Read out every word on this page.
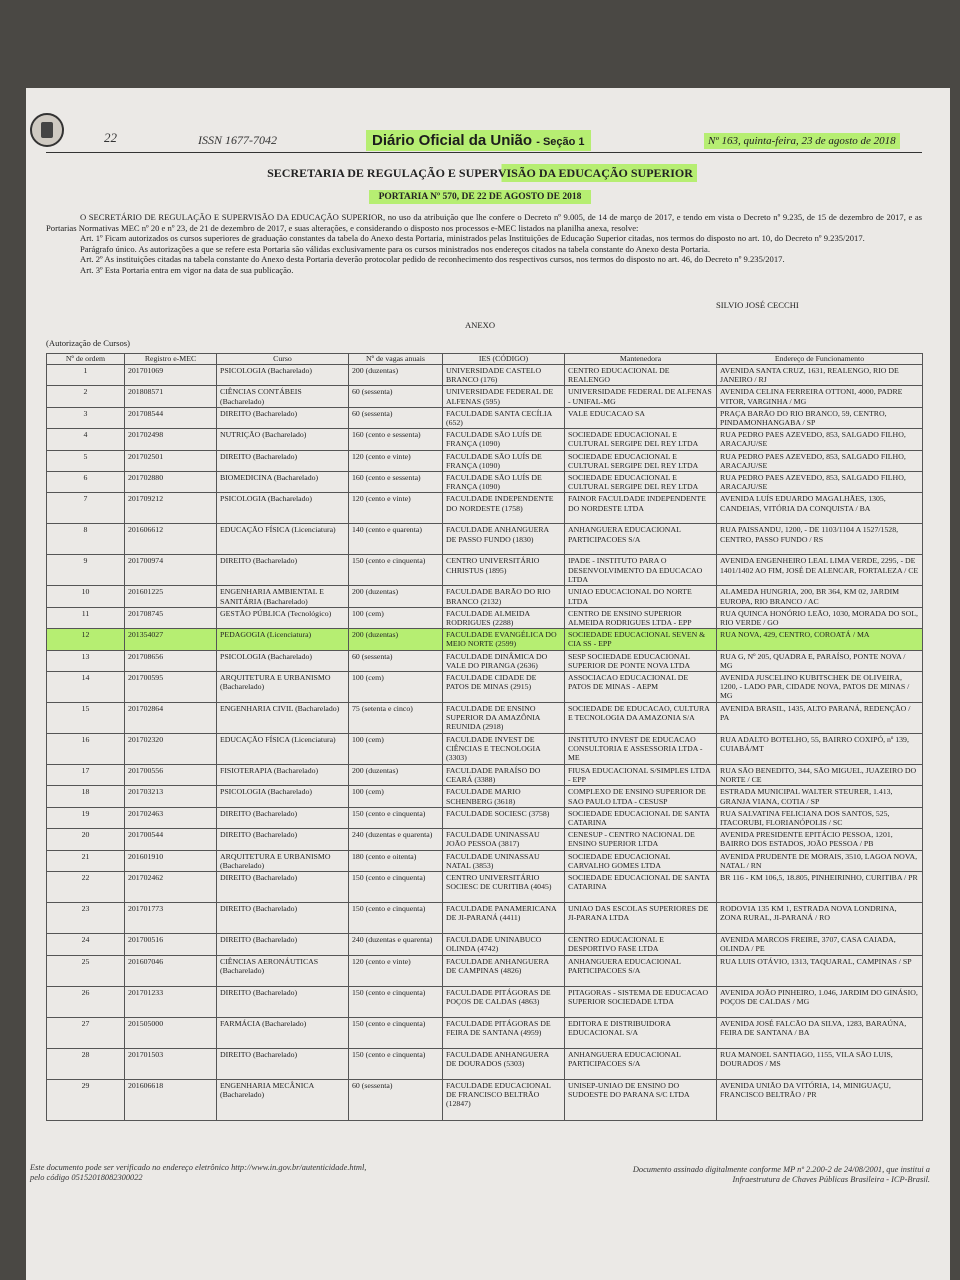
22	ISSN 1677-7042	Diário Oficial da União - Seção 1	Nº 163, quinta-feira, 23 de agosto de 2018
SECRETARIA DE REGULAÇÃO E SUPERVISÃO DA EDUCAÇÃO SUPERIOR
PORTARIA Nº 570, DE 22 DE AGOSTO DE 2018

O SECRETÁRIO DE REGULAÇÃO E SUPERVISÃO DA EDUCAÇÃO SUPERIOR, no uso da atribuição que lhe confere o Decreto nº 9.005, de 14 de março de 2017, e tendo em vista o Decreto nº 9.235, de 15 de dezembro de 2017, e as Portarias Normativas MEC nº 20 e nº 23, de 21 de dezembro de 2017, e suas alterações, e considerando o disposto nos processos e-MEC listados na planilha anexa, resolve:

Art. 1º Ficam autorizados os cursos superiores de graduação constantes da tabela do Anexo desta Portaria, ministrados pelas Instituições de Educação Superior citadas, nos termos do disposto no art. 10, do Decreto nº 9.235/2017.

Parágrafo único. As autorizações a que se refere esta Portaria são válidas exclusivamente para os cursos ministrados nos endereços citados na tabela constante do Anexo desta Portaria.

Art. 2º As instituições citadas na tabela constante do Anexo desta Portaria deverão protocolar pedido de reconhecimento dos respectivos cursos, nos termos do disposto no art. 46, do Decreto nº 9.235/2017.

Art. 3º Esta Portaria entra em vigor na data de sua publicação.

SILVIO JOSÉ CECCHI
ANEXO
(Autorização de Cursos)
Nº de ordem	Registro e-MEC	Curso	Nº de vagas anuais	IES (CÓDIGO)	Mantenedora	Endereço de Funcionamento
1	201701069	PSICOLOGIA (Bacharelado)	200 (duzentas)	UNIVERSIDADE CASTELO BRANCO (176)	CENTRO EDUCACIONAL DE REALENGO	AVENIDA SANTA CRUZ, 1631, REALENGO, RIO DE JANEIRO / RJ
2	201808571	CIÊNCIAS CONTÁBEIS (Bacharelado)	60 (sessenta)	UNIVERSIDADE FEDERAL DE ALFENAS (595)	UNIVERSIDADE FEDERAL DE ALFENAS - UNIFAL-MG	AVENIDA CELINA FERREIRA OTTONI, 4000, PADRE VITOR, VARGINHA / MG
3	201708544	DIREITO (Bacharelado)	60 (sessenta)	FACULDADE SANTA CECÍLIA (652)	VALE EDUCACAO SA	PRAÇA BARÃO DO RIO BRANCO, 59, CENTRO, PINDAMONHANGABA / SP
4	201702498	NUTRIÇÃO (Bacharelado)	160 (cento e sessenta)	FACULDADE SÃO LUÍS DE FRANÇA (1090)	SOCIEDADE EDUCACIONAL E CULTURAL SERGIPE DEL REY LTDA	RUA PEDRO PAES AZEVEDO, 853, SALGADO FILHO, ARACAJU/SE
5	201702501	DIREITO (Bacharelado)	120 (cento e vinte)	FACULDADE SÃO LUÍS DE FRANÇA (1090)	SOCIEDADE EDUCACIONAL E CULTURAL SERGIPE DEL REY LTDA	RUA PEDRO PAES AZEVEDO, 853, SALGADO FILHO, ARACAJU/SE
6	201702880	BIOMEDICINA (Bacharelado)	160 (cento e sessenta)	FACULDADE SÃO LUÍS DE FRANÇA (1090)	SOCIEDADE EDUCACIONAL E CULTURAL SERGIPE DEL REY LTDA	RUA PEDRO PAES AZEVEDO, 853, SALGADO FILHO, ARACAJU/SE
7	201709212	PSICOLOGIA (Bacharelado)	120 (cento e vinte)	FACULDADE INDEPENDENTE DO NORDESTE (1758)	FAINOR FACULDADE INDEPENDENTE DO NORDESTE LTDA	AVENIDA LUÍS EDUARDO MAGALHÃES, 1305, CANDEIAS, VITÓRIA DA CONQUISTA / BA
8	201606612	EDUCAÇÃO FÍSICA (Licenciatura)	140 (cento e quarenta)	FACULDADE ANHANGUERA DE PASSO FUNDO (1830)	ANHANGUERA EDUCACIONAL PARTICIPACOES S/A	RUA PAISSANDU, 1200, - DE 1103/1104 A 1527/1528, CENTRO, PASSO FUNDO / RS
9	201700974	DIREITO (Bacharelado)	150 (cento e cinquenta)	CENTRO UNIVERSITÁRIO CHRISTUS (1895)	IPADE - INSTITUTO PARA O DESENVOLVIMENTO DA EDUCACAO LTDA	AVENIDA ENGENHEIRO LEAL LIMA VERDE, 2295, - DE 1401/1402 AO FIM, JOSÉ DE ALENCAR, FORTALEZA / CE
10	201601225	ENGENHARIA AMBIENTAL E SANITÁRIA (Bacharelado)	200 (duzentas)	FACULDADE BARÃO DO RIO BRANCO (2132)	UNIAO EDUCACIONAL DO NORTE LTDA	ALAMEDA HUNGRIA, 200, BR 364, KM 02, JARDIM EUROPA, RIO BRANCO / AC
11	201708745	GESTÃO PÚBLICA (Tecnológico)	100 (cem)	FACULDADE ALMEIDA RODRIGUES (2288)	CENTRO DE ENSINO SUPERIOR ALMEIDA RODRIGUES LTDA - EPP	RUA QUINCA HONÓRIO LEÃO, 1030, MORADA DO SOL, RIO VERDE / GO
12	201354027	PEDAGOGIA (Licenciatura)	200 (duzentas)	FACULDADE EVANGÉLICA DO MEIO NORTE (2599)	SOCIEDADE EDUCACIONAL SEVEN & CIA SS - EPP	RUA NOVA, 429, CENTRO, COROATÁ / MA
13	201708656	PSICOLOGIA (Bacharelado)	60 (sessenta)	FACULDADE DINÂMICA DO VALE DO PIRANGA (2636)	SESP SOCIEDADE EDUCACIONAL SUPERIOR DE PONTE NOVA LTDA	RUA G, Nº 205, QUADRA E, PARAÍSO, PONTE NOVA / MG
14	201700595	ARQUITETURA E URBANISMO (Bacharelado)	100 (cem)	FACULDADE CIDADE DE PATOS DE MINAS (2915)	ASSOCIACAO EDUCACIONAL DE PATOS DE MINAS - AEPM	AVENIDA JUSCELINO KUBITSCHEK DE OLIVEIRA, 1200, - LADO PAR, CIDADE NOVA, PATOS DE MINAS / MG
15	201702864	ENGENHARIA CIVIL (Bacharelado)	75 (setenta e cinco)	FACULDADE DE ENSINO SUPERIOR DA AMAZÔNIA REUNIDA (2918)	SOCIEDADE DE EDUCACAO, CULTURA E TECNOLOGIA DA AMAZONIA S/A	AVENIDA BRASIL, 1435, ALTO PARANÁ, REDENÇÃO / PA
16	201702320	EDUCAÇÃO FÍSICA (Licenciatura)	100 (cem)	FACULDADE INVEST DE CIÊNCIAS E TECNOLOGIA (3303)	INSTITUTO INVEST DE EDUCACAO CONSULTORIA E ASSESSORIA LTDA - ME	RUA ADALTO BOTELHO, 55, BAIRRO COXIPÓ, nº 139, CUIABÁ/MT
17	201700556	FISIOTERAPIA (Bacharelado)	200 (duzentas)	FACULDADE PARAÍSO DO CEARÁ (3388)	FIUSA EDUCACIONAL S/SIMPLES LTDA - EPP	RUA SÃO BENEDITO, 344, SÃO MIGUEL, JUAZEIRO DO NORTE / CE
18	201703213	PSICOLOGIA (Bacharelado)	100 (cem)	FACULDADE MARIO SCHENBERG (3618)	COMPLEXO DE ENSINO SUPERIOR DE SAO PAULO LTDA - CESUSP	ESTRADA MUNICIPAL WALTER STEURER, 1.413, GRANJA VIANA, COTIA / SP
19	201702463	DIREITO (Bacharelado)	150 (cento e cinquenta)	FACULDADE SOCIESC (3758)	SOCIEDADE EDUCACIONAL DE SANTA CATARINA	RUA SALVATINA FELICIANA DOS SANTOS, 525, ITACORUBI, FLORIANÓPOLIS / SC
20	201700544	DIREITO (Bacharelado)	240 (duzentas e quarenta)	FACULDADE UNINASSAU JOÃO PESSOA (3817)	CENESUP - CENTRO NACIONAL DE ENSINO SUPERIOR LTDA	AVENIDA PRESIDENTE EPITÁCIO PESSOA, 1201, BAIRRO DOS ESTADOS, JOÃO PESSOA / PB
21	201601910	ARQUITETURA E URBANISMO (Bacharelado)	180 (cento e oitenta)	FACULDADE UNINASSAU NATAL (3853)	SOCIEDADE EDUCACIONAL CARVALHO GOMES LTDA	AVENIDA PRUDENTE DE MORAIS, 3510, LAGOA NOVA, NATAL / RN
22	201702462	DIREITO (Bacharelado)	150 (cento e cinquenta)	CENTRO UNIVERSITÁRIO SOCIESC DE CURITIBA (4045)	SOCIEDADE EDUCACIONAL DE SANTA CATARINA	BR 116 - KM 106,5, 18.805, PINHEIRINHO, CURITIBA / PR
23	201701773	DIREITO (Bacharelado)	150 (cento e cinquenta)	FACULDADE PANAMERICANA DE JI-PARANÁ (4411)	UNIAO DAS ESCOLAS SUPERIORES DE JI-PARANA LTDA	RODOVIA 135 KM 1, ESTRADA NOVA LONDRINA, ZONA RURAL, JI-PARANÁ / RO
24	201700516	DIREITO (Bacharelado)	240 (duzentas e quarenta)	FACULDADE UNINABUCO OLINDA (4742)	CENTRO EDUCACIONAL E DESPORTIVO FASE LTDA	AVENIDA MARCOS FREIRE, 3707, CASA CAIADA, OLINDA / PE
25	201607046	CIÊNCIAS AERONÁUTICAS (Bacharelado)	120 (cento e vinte)	FACULDADE ANHANGUERA DE CAMPINAS (4826)	ANHANGUERA EDUCACIONAL PARTICIPACOES S/A	RUA LUIS OTÁVIO, 1313, TAQUARAL, CAMPINAS / SP
26	201701233	DIREITO (Bacharelado)	150 (cento e cinquenta)	FACULDADE PITÁGORAS DE POÇOS DE CALDAS (4863)	PITAGORAS - SISTEMA DE EDUCACAO SUPERIOR SOCIEDADE LTDA	AVENIDA JOÃO PINHEIRO, 1.046, JARDIM DO GINÁSIO, POÇOS DE CALDAS / MG
27	201505000	FARMÁCIA (Bacharelado)	150 (cento e cinquenta)	FACULDADE PITÁGORAS DE FEIRA DE SANTANA (4959)	EDITORA E DISTRIBUIDORA EDUCACIONAL S/A	AVENIDA JOSÉ FALCÃO DA SILVA, 1283, BARAÚNA, FEIRA DE SANTANA / BA
28	201701503	DIREITO (Bacharelado)	150 (cento e cinquenta)	FACULDADE ANHANGUERA DE DOURADOS (5303)	ANHANGUERA EDUCACIONAL PARTICIPACOES S/A	RUA MANOEL SANTIAGO, 1155, VILA SÃO LUIS, DOURADOS / MS
29	201606618	ENGENHARIA MECÂNICA (Bacharelado)	60 (sessenta)	FACULDADE EDUCACIONAL DE FRANCISCO BELTRÃO (12847)	UNISEP-UNIAO DE ENSINO DO SUDOESTE DO PARANA S/C LTDA	AVENIDA UNIÃO DA VITÓRIA, 14, MINIGUAÇU, FRANCISCO BELTRÃO / PR
Este documento pode ser verificado no endereço eletrônico http://www.in.gov.br/autenticidade.html,
pelo código 05152018082300022
Documento assinado digitalmente conforme MP nº 2.200-2 de 24/08/2001, que institui a
Infraestrutura de Chaves Públicas Brasileira - ICP-Brasil.
